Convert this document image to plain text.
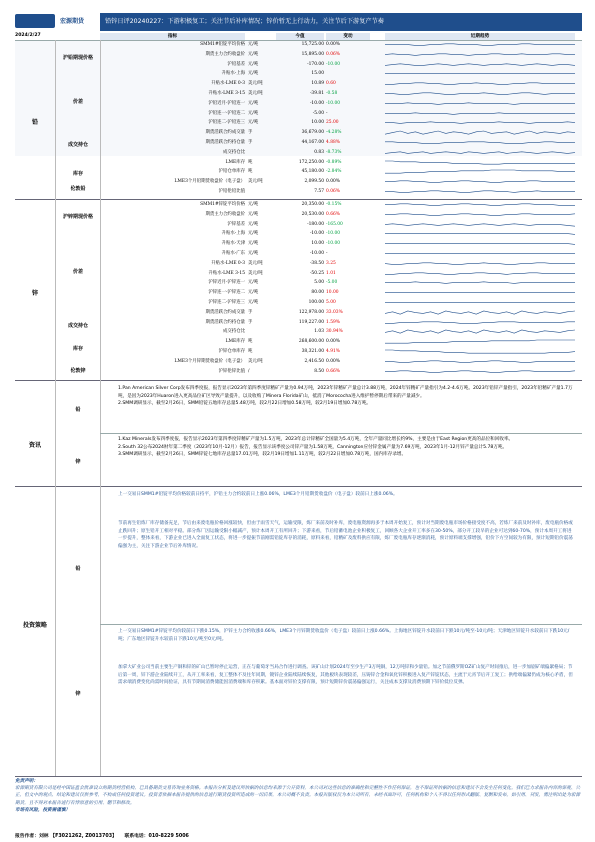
宏源期货	铅锌日评20240227：下游积极复工；关注节后补库情况；锌价暂无上行动力，关注节后下游复产节奏
2024/2/27	指标	今值	变动	近期趋势
铅
沪铅期现价格
价差
成交持仓
库存
伦敦铅
SMM1#铅锭平均价格 元/吨	15,725.00 0.00%
期货主力合约收盘价 元/吨	15,895.00 0.06%
沪铅基差 元/吨	-170.00 -10.00
升贴水-上海 元/吨	15.00
升贴水-LME 0-3 美元/吨	10.89 0.60
升贴水-LME 3-15 美元/吨	-39.81 -0.58
沪铅近月-沪铅连一 元/吨	-10.00 -10.00
沪铅连一-沪铅连二 元/吨	-5.00 -
沪铅连二-沪铅连三 元/吨	10.00 25.00
期货活跃合约成交量 手	36,679.00 -4.28%
期货活跃合约持仓量 手	44,167.00 4.88%
成交持仓比	0.83 -8.73%
LME库存 吨	172,250.00 -0.89%
沪铅仓单库存 吨	45,180.00 -2.84%
LME3个月铅期货收盘价（电子盘） 美元/吨	2,099.50 0.00%
沪铅伦铅比值	7.57 0.06%
锌
沪锌期现价格
价差
成交持仓
库存
伦敦锌
SMM1#锌锭平均价格 元/吨	20,350.00 -0.15%
期货主力合约收盘价 元/吨	20,530.00 0.66%
沪锌基差 元/吨	-180.00 -165.00
升贴水-上海 元/吨	-10.00 -10.00
升贴水-天津 元/吨	10.00 -10.00
升贴水-广东 元/吨	-10.00 -
升贴水-LME 0-3 美元/吨	-38.50 3.25
升贴水-LME 3-15 美元/吨	-50.25 1.01
沪锌近月-沪锌连一 元/吨	5.00 -5.00
沪锌连一-沪锌连二 元/吨	80.00 10.00
沪锌连二-沪锌连三 元/吨	100.00 5.00
期货活跃合约成交量 手	122,978.00 33.03%
期货活跃合约持仓量 手	119,227.00 1.59%
成交持仓比	1.03 30.94%
LME库存 吨	268,600.00 0.00%
沪锌仓单库存 吨	38,321.00 4.91%
LME3个月锌期货收盘价（电子盘） 美元/吨	2,416.50 0.00%
沪锌伦锌比值 /	8.50 0.66%
资讯
铅
锌
1.Pan American Silver Corp发布四季度报，报告显示2023年第四季度锌精矿产量为0.94万吨，2023年锌精矿产量总计3.88万吨，2024年锌精矿产量指引为4.2-4.6万吨。2023年铅锌产量指引，2023年铅精矿产量1.7万吨，是因为2023年Huaron进入更高品位矿区导致产量提升，以及收购了Minera Florida矿山，抵消了Morococha进入维护暂停期后带来的产量减少。
2.SMM调研显示，截至2月26日，SMM铅锭五地库存总量5.48万吨，较2月22日增加0.58万吨，较2月19日增加0.78万吨。
1.Kaz Minerals发布四季度报，报告显示2023年第四季度锌精矿产量为1.5万吨，2023年总计锌精矿全国量为5.4万吨，全年产量同比增长约9%，主要是由于East Region更高的品位和回收率。
2.South 32公布2024财年第二季度（2023年10月-12月）报告，报告显示该季度公司锌产量为1.58万吨，Cannington应付锌金属产量为7.69万吨，2023年1月-12月锌产量总计5.78万吨。
3.SMM调研显示，截至2月26日，SMM锌锭七地库存总量17.01万吨，较2月19日增加1.11万吨，较2月22日增加0.78万吨，国内库存录增。
投资策略
铅
锌
上一交易日SMM1#铅锭平均价格较前日持平，沪铅主力合约较前日上涨0.06%，LME3个月铅期货收盘价（电子盘）较前日上涨0.06%。
节前再生铅炼厂库存储备充足，节后由来废电瓶价格回涨较快，但由于雨雪天气，运输受限，炼厂来前及时补库，废电瓶资源再多于本周开始复工，预计对当期废电瓶市场价格接受度不高，若炼厂来前及时补库，废电瓶价格或止跌回升；原生铅开工相对平稳。部分炼厂因运输受限小幅减产，预计本周开工有所回升；下游来看，节后铅蓄电池企业积极复工，回顾各大企业开工率多在30-50%，部分开工较早的企业可达到60-70%，预计本周开工将进一步提升，整体来看，下游企业已进入全面复工状态，将进一步提振节前刚需铅锭库存的消耗，原料来看，铅精矿及废料供应有限，炼厂废电瓶库存逐渐消耗，预计原料端支撑增强，铅价下方空间较为有限，预计短期铅价震荡偏强为主，关注下游企业节后补库情况。
上一交易日SMM1#锌锭平均价较前日下跌0.15%，沪锌主力合约收涨0.66%，LME3个月锌期货收盘价（电子盘）较前日上涨0.66%。上海地区锌锭升水较前日下跌10元/吨至-10元/吨；天津地区锌锭升水较前日下跌10元/吨；广东地区锌锭升水较前日下跌10元/吨至0元/吨。
加拿大矿业公司当前主要生产铜和锌的矿山已暂时停止运营，正在与葡萄牙当局合作进行调查。该矿山计划2024年至少生产3万吨铜，12万吨锌和少量铅。加之节前俄罗斯OZ矿山复产时间推后，进一步加剧矿端偏紧格局；节后第一周，锌下游企业陆续开工，从开工率来看，复工整体不及往年同期，镀锌企业陆续陆续恢复，其他板块表现较差，压铸锌合金和氧化锌积极进入复产锌锭状态，主流于元宵节后开工复工；供给端偏紧仍成为核心矛盾，但需求端消费变化尚需时间验证，具有节期间消费储能因消费端和库存积累。基本面对锌价支撑有限，预计短期锌价震荡偏强运行，关注成本支撑及消费预期下锌价低位反弹。
免责声明：
宏源期货有限公司是经中国证监会批准设立的期货经营机构，已具备期货交易咨询业务资格。本报告分析及建议所依据的信息均来源于公开资料，本公司对这些信息的准确性和完整性不作任何保证，也不保证所依据的信息和建议不会发生任何变化。我们已力求报告内容的客观、公正，但文中的观点、结论和建议仅供参考，不构成任何投资建议。投资者依据本报告提供的信息进行期货投资所造成的一切后果，本公司概不负责。本报告版权仅为本公司所有，未经书面许可，任何机构和个人不得以任何形式翻版、复制和发布。如引用、刊发，需注明出处为宏源期货，且不得对本报告进行有悖原意的引用、删节和修改。
市场有风险，投资需谨慎！
报告作者：刘林 【F3021262, Z0013703】 联系电话：010-8229 5006
